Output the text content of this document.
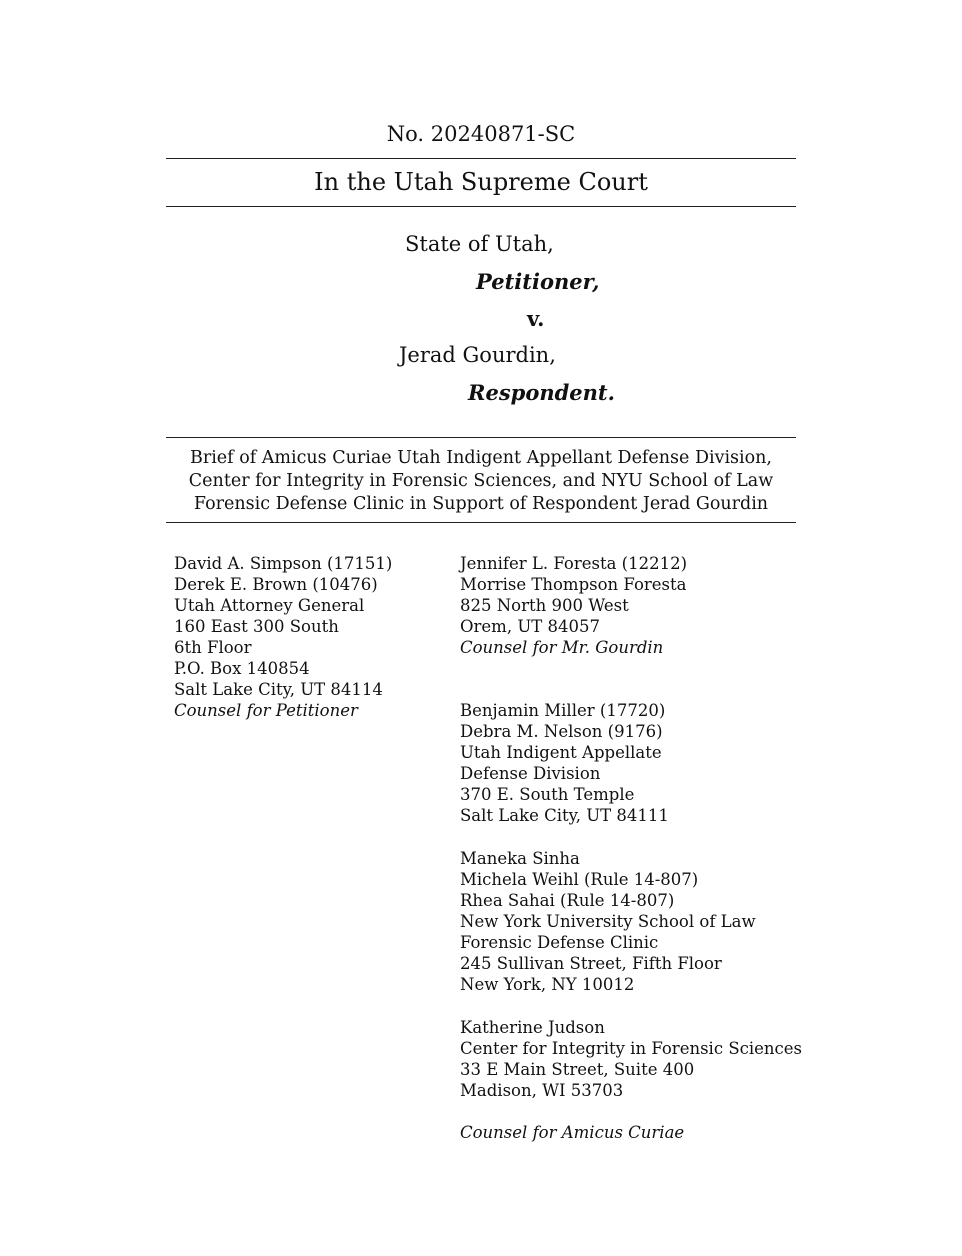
No. 20240871-SC
In the Utah Supreme Court
State of Utah,
Petitioner,
v.
Jerad Gourdin,
Respondent.
Brief of Amicus Curiae Utah Indigent Appellant Defense Division,
Center for Integrity in Forensic Sciences, and NYU School of Law
Forensic Defense Clinic in Support of Respondent Jerad Gourdin
David A. Simpson (17151)
Derek E. Brown (10476)
Utah Attorney General
160 East 300 South
6th Floor
P.O. Box 140854
Salt Lake City, UT 84114
Counsel for Petitioner
Jennifer L. Foresta (12212)
Morrise Thompson Foresta
825 North 900 West
Orem, UT 84057
Counsel for Mr. Gourdin
Benjamin Miller (17720)
Debra M. Nelson (9176)
Utah Indigent Appellate
Defense Division
370 E. South Temple
Salt Lake City, UT 84111
Maneka Sinha
Michela Weihl (Rule 14-807)
Rhea Sahai (Rule 14-807)
New York University School of Law
Forensic Defense Clinic
245 Sullivan Street, Fifth Floor
New York, NY 10012
Katherine Judson
Center for Integrity in Forensic Sciences
33 E Main Street, Suite 400
Madison, WI 53703
Counsel for Amicus Curiae
